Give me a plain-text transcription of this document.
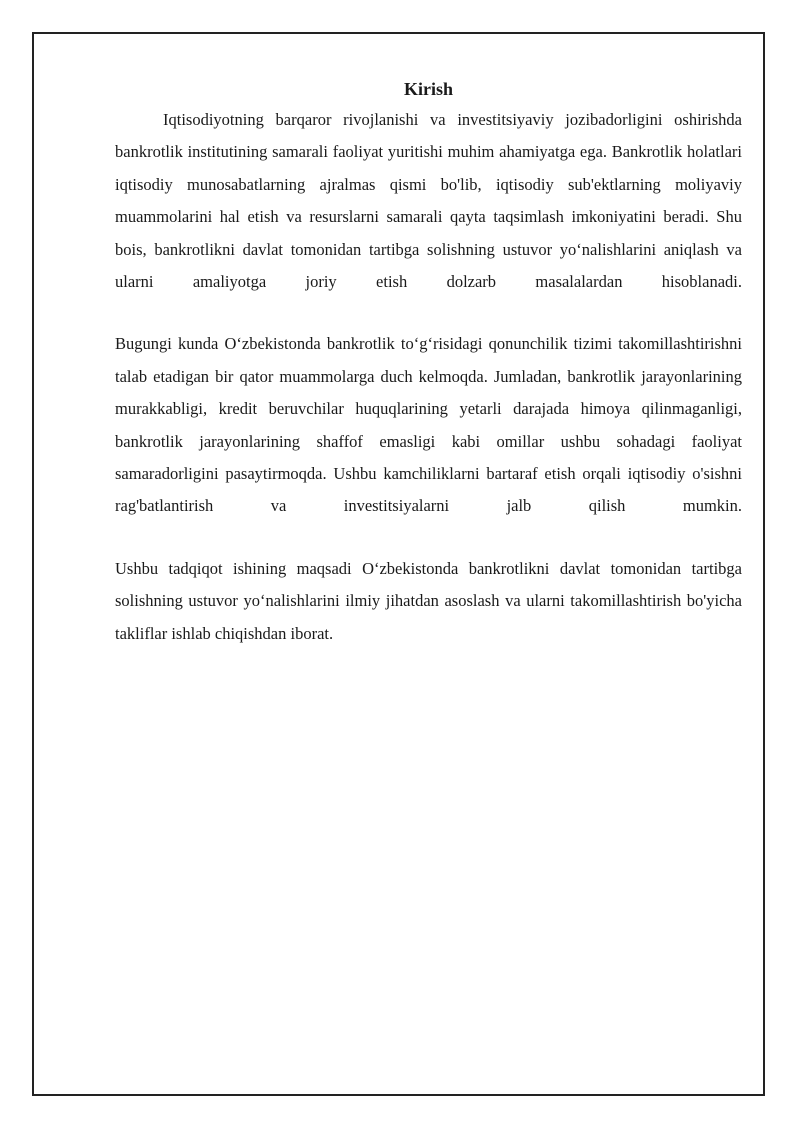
Kirish

Iqtisodiyotning barqaror rivojlanishi va investitsiyaviy jozibadorligini oshirishda bankrotlik institutining samarali faoliyat yuritishi muhim ahamiyatga ega. Bankrotlik holatlari iqtisodiy munosabatlarning ajralmas qismi bo'lib, iqtisodiy sub'ektlarning moliyaviy muammolarini hal etish va resurslarni samarali qayta taqsimlash imkoniyatini beradi. Shu bois, bankrotlikni davlat tomonidan tartibga solishning ustuvor yo‘nalishlarini aniqlash va ularni amaliyotga joriy etish dolzarb masalalardan hisoblanadi.

Bugungi kunda O‘zbekistonda bankrotlik to‘g‘risidagi qonunchilik tizimi takomillashtirishni talab etadigan bir qator muammolarga duch kelmoqda. Jumladan, bankrotlik jarayonlarining murakkabligi, kredit beruvchilar huquqlarining yetarli darajada himoya qilinmaganligi, bankrotlik jarayonlarining shaffof emasligi kabi omillar ushbu sohadagi faoliyat samaradorligini pasaytirmoqda. Ushbu kamchiliklarni bartaraf etish orqali iqtisodiy o'sishni rag'batlantirish va investitsiyalarni jalb qilish mumkin.

Ushbu tadqiqot ishining maqsadi O‘zbekistonda bankrotlikni davlat tomonidan tartibga solishning ustuvor yo‘nalishlarini ilmiy jihatdan asoslash va ularni takomillashtirish bo'yicha takliflar ishlab chiqishdan iborat.
